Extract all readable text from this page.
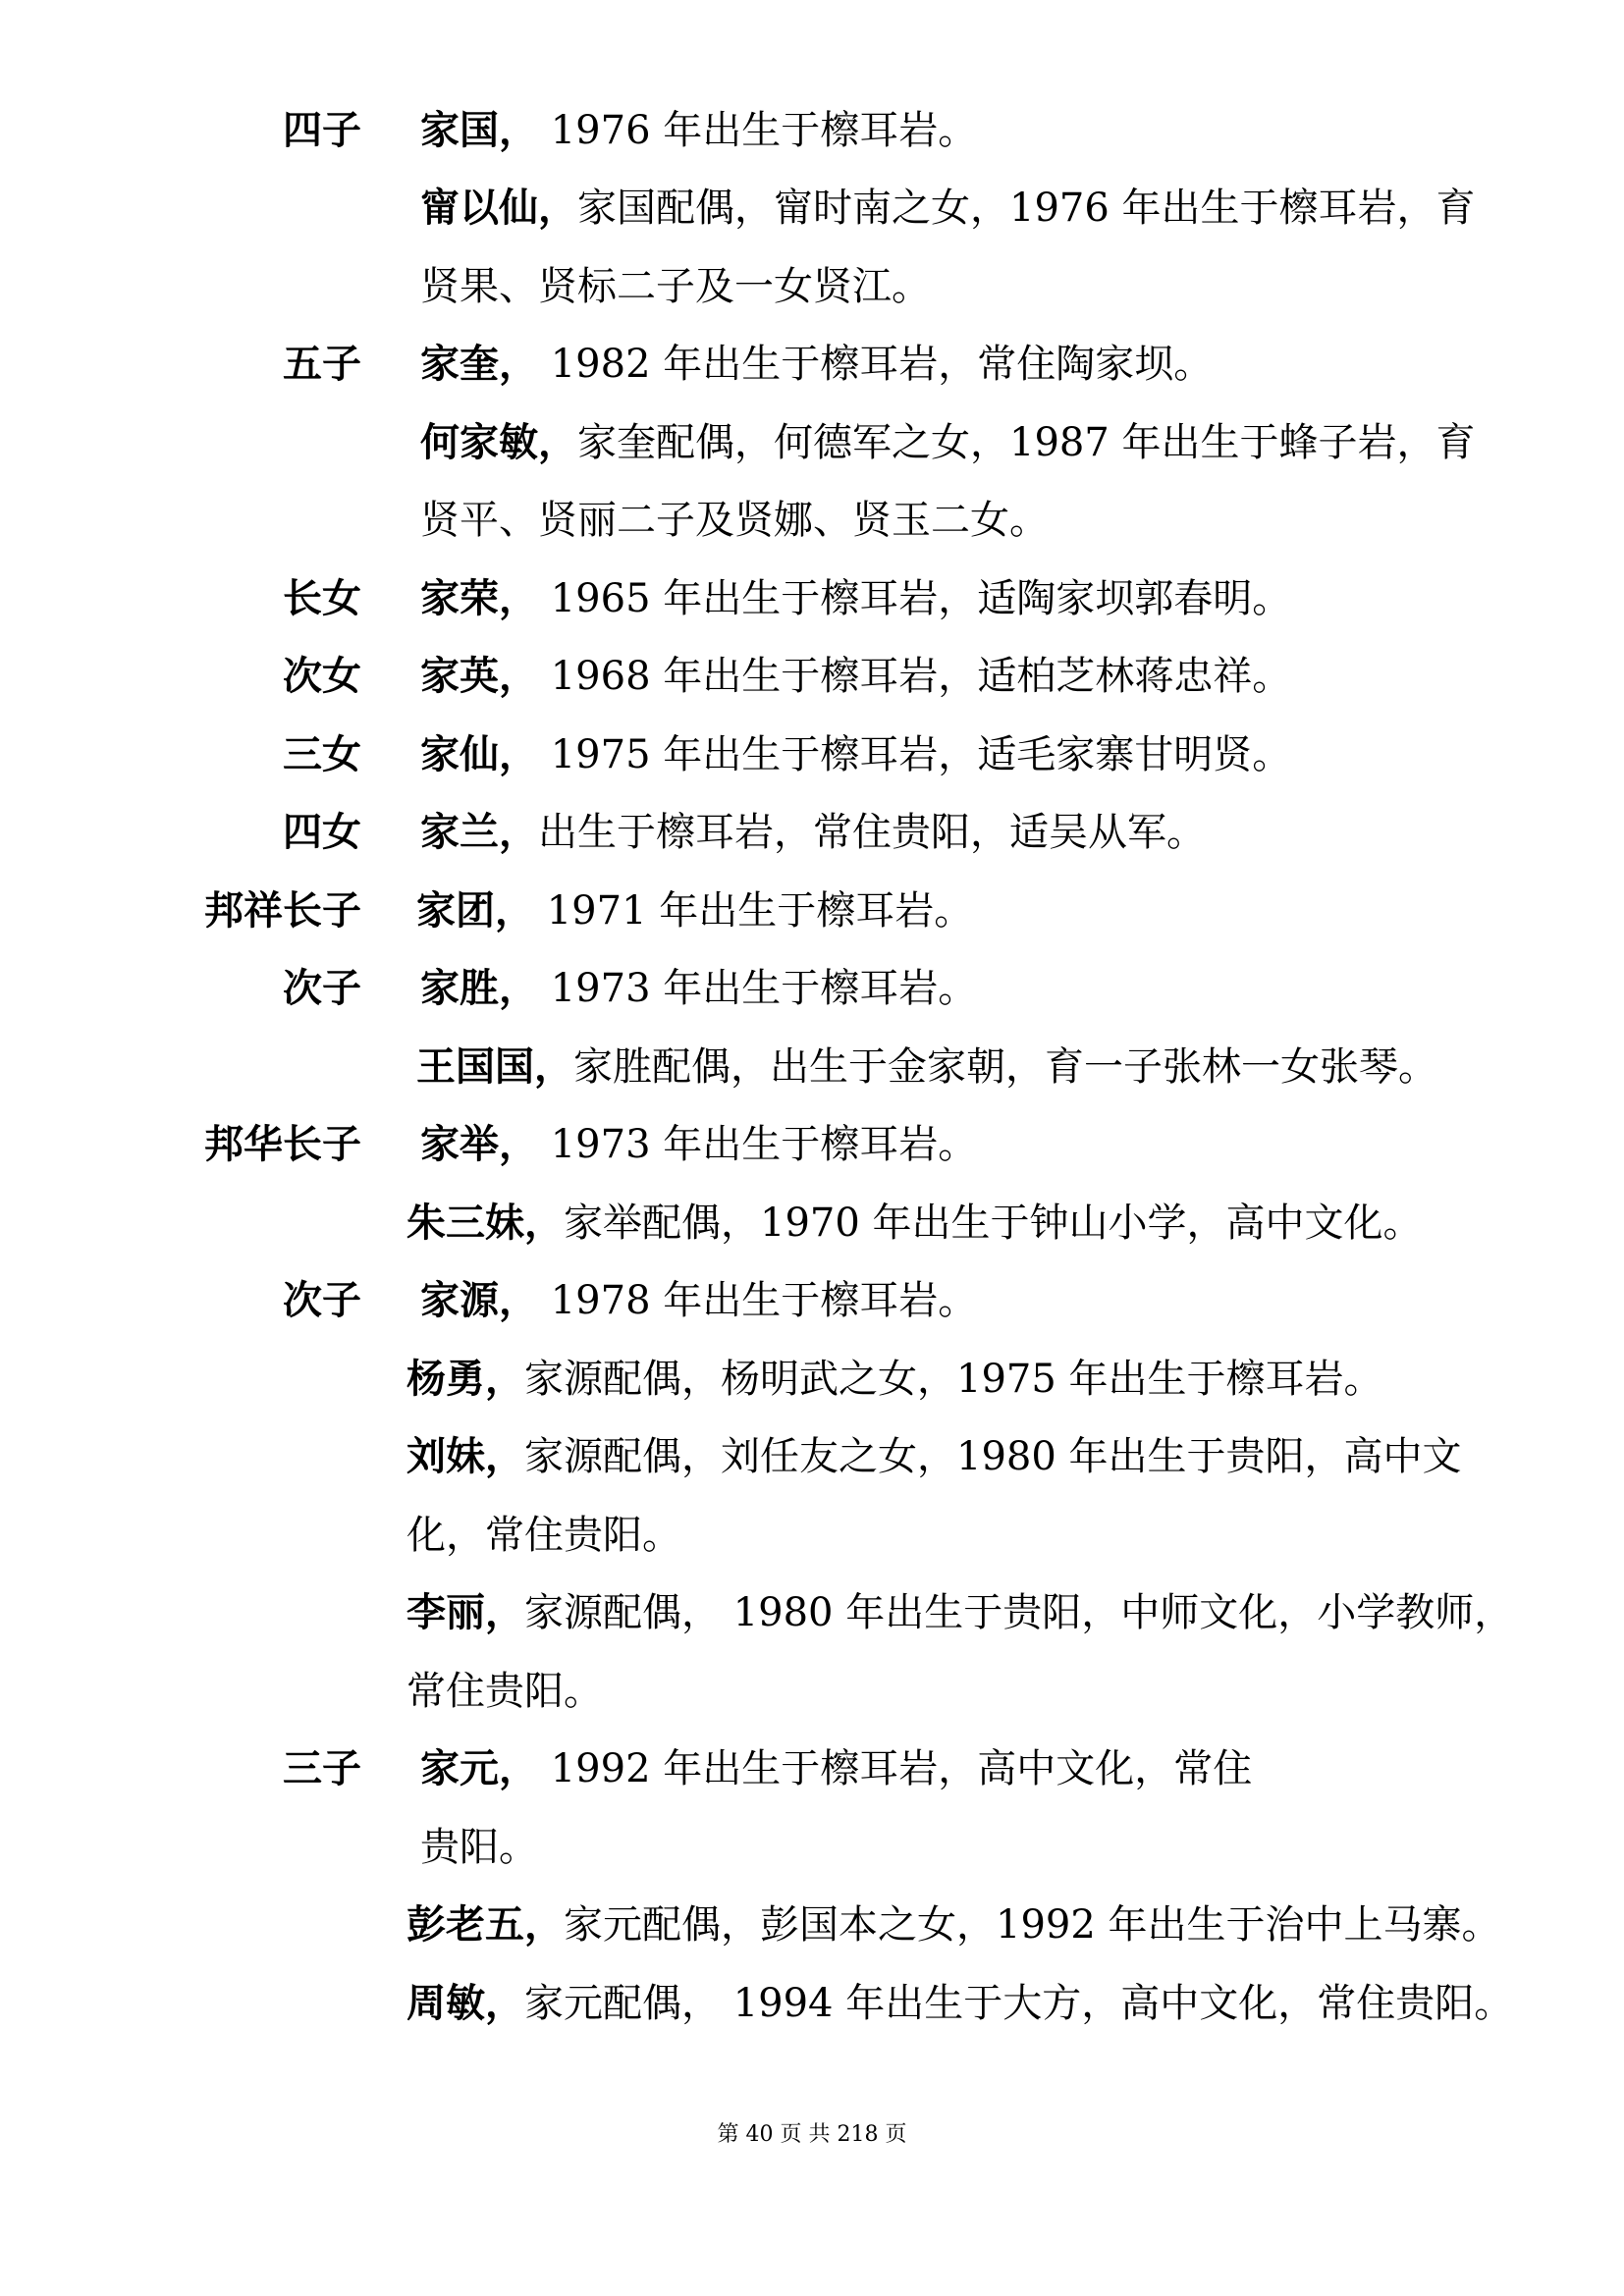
四子 家国， 1976 年出生于檫耳岩。
甯以仙，家国配偶，甯时南之女，1976 年出生于檫耳岩，育
贤果、贤标二子及一女贤江。
五子 家奎， 1982 年出生于檫耳岩，常住陶家坝。
何家敏，家奎配偶，何德军之女，1987 年出生于蜂子岩，育
贤平、贤丽二子及贤娜、贤玉二女。
长女 家荣， 1965 年出生于檫耳岩，适陶家坝郭春明。
次女 家英， 1968 年出生于檫耳岩，适柏芝林蒋忠祥。
三女 家仙， 1975 年出生于檫耳岩，适毛家寨甘明贤。
四女 家兰，出生于檫耳岩，常住贵阳，适吴从军。
邦祥长子 家团， 1971 年出生于檫耳岩。
次子 家胜， 1973 年出生于檫耳岩。
王国国，家胜配偶，出生于金家朝，育一子张林一女张琴。
邦华长子 家举， 1973 年出生于檫耳岩。
朱三妹，家举配偶，1970 年出生于钟山小学，高中文化。
次子 家源， 1978 年出生于檫耳岩。
杨勇，家源配偶，杨明武之女，1975 年出生于檫耳岩。
刘妹，家源配偶，刘任友之女，1980 年出生于贵阳，高中文
化，常住贵阳。
李丽，家源配偶， 1980 年出生于贵阳，中师文化，小学教师，
常住贵阳。
三子 家元， 1992 年出生于檫耳岩，高中文化，常住
贵阳。
彭老五，家元配偶，彭国本之女，1992 年出生于治中上马寨。
周敏，家元配偶， 1994 年出生于大方，高中文化，常住贵阳。
第 40 页 共 218 页
